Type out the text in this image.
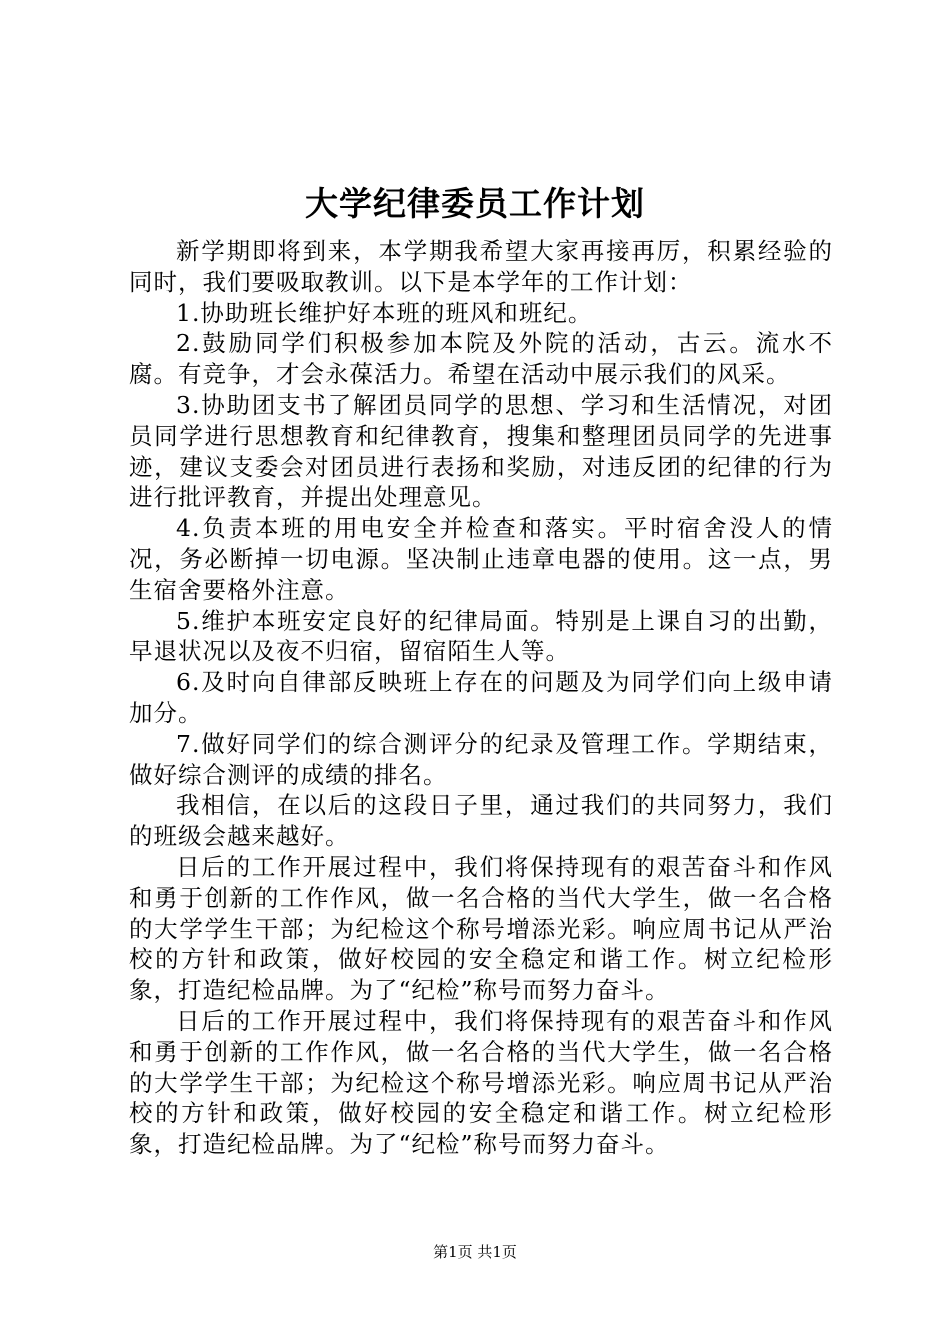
大学纪律委员工作计划

新学期即将到来，本学期我希望大家再接再厉，积累经验的同时，我们要吸取教训。以下是本学年的工作计划：

1.协助班长维护好本班的班风和班纪。

2.鼓励同学们积极参加本院及外院的活动，古云。流水不腐。有竞争，才会永葆活力。希望在活动中展示我们的风采。

3.协助团支书了解团员同学的思想、学习和生活情况，对团员同学进行思想教育和纪律教育，搜集和整理团员同学的先进事迹，建议支委会对团员进行表扬和奖励，对违反团的纪律的行为进行批评教育，并提出处理意见。

4.负责本班的用电安全并检查和落实。平时宿舍没人的情况，务必断掉一切电源。坚决制止违章电器的使用。这一点，男生宿舍要格外注意。

5.维护本班安定良好的纪律局面。特别是上课自习的出勤，早退状况以及夜不归宿，留宿陌生人等。

6.及时向自律部反映班上存在的问题及为同学们向上级申请加分。

7.做好同学们的综合测评分的纪录及管理工作。学期结束，做好综合测评的成绩的排名。

我相信，在以后的这段日子里，通过我们的共同努力，我们的班级会越来越好。

日后的工作开展过程中，我们将保持现有的艰苦奋斗和作风和勇于创新的工作作风，做一名合格的当代大学生，做一名合格的大学学生干部；为纪检这个称号增添光彩。响应周书记从严治校的方针和政策，做好校园的安全稳定和谐工作。树立纪检形象，打造纪检品牌。为了“纪检”称号而努力奋斗。

日后的工作开展过程中，我们将保持现有的艰苦奋斗和作风和勇于创新的工作作风，做一名合格的当代大学生，做一名合格的大学学生干部；为纪检这个称号增添光彩。响应周书记从严治校的方针和政策，做好校园的安全稳定和谐工作。树立纪检形象，打造纪检品牌。为了“纪检”称号而努力奋斗。

第1页 共1页
